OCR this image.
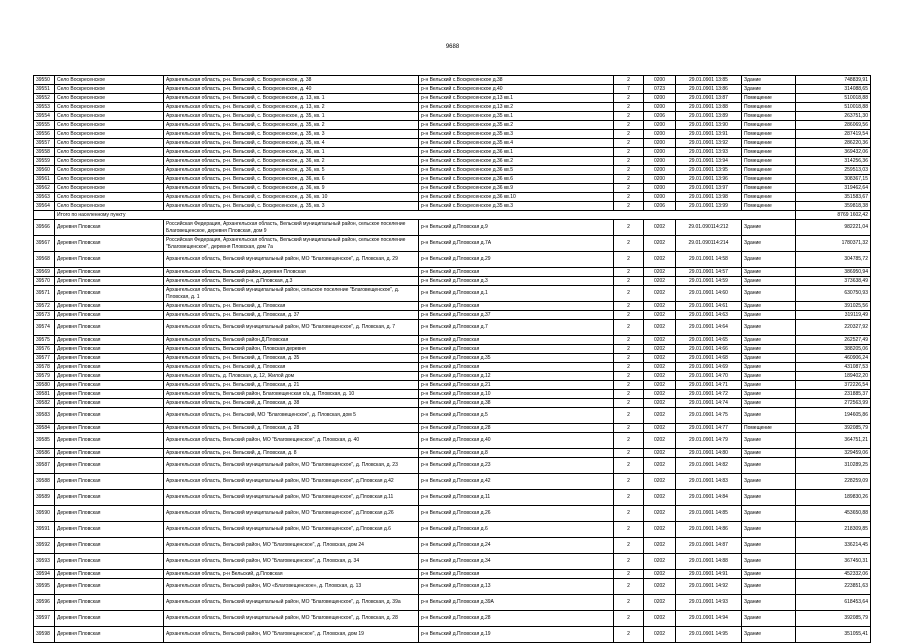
9688
39550	Село Воскресенское	Архангельская область, р-н. Вельский, с. Воскресенское, д. 38	р-н Вельский с.Воскресенское д.38	2	0200	29.01.0901 13:85	Здание	748839,91
39551	Село Воскресенское	Архангельская область, р-н. Вельский, с. Воскресенское, д. 40	р-н Вельский с.Воскресенское д.40	7	0723	29.01.0901 13:86	Здание	314088,65
39552	Село Воскресенское	Архангельская область, р-н. Вельский, с. Воскресенское, д. 13, кв. 1	р-н Вельский с.Воскресенское д.13 кв.1	2	0200	29.01.0901 13:87	Помещение	510018,88
39553	Село Воскресенское	Архангельская область, р-н. Вельский, с. Воскресенское, д. 13, кв. 2	р-н Вельский с.Воскресенское д.13 кв.2	2	0200	29.01.0901 13:88	Помещение	510018,88
39554	Село Воскресенское	Архангельская область, р-н. Вельский, с. Воскресенское, д. 35, кв. 1	р-н Вельский с.Воскресенское д.35 кв.1	2	0206	29.01.0901 13:89	Помещение	263751,30
39555	Село Воскресенское	Архангельская область, р-н. Вельский, с. Воскресенское, д. 35, кв. 2	р-н Вельский с.Воскресенское д.35 кв.2	2	0200	29.01.0901 13:90	Помещение	286069,56
39556	Село Воскресенское	Архангельская область, р-н. Вельский, с. Воскресенское, д. 35, кв. 3	р-н Вельский с.Воскресенское д.35 кв.3	2	0200	29.01.0901 13:91	Помещение	287419,54
39557	Село Воскресенское	Архангельская область, р-н. Вельский, с. Воскресенское, д. 35, кв. 4	р-н Вельский с.Воскресенское д.35 кв.4	2	0200	29.01.0901 13:92	Помещение	286220,36
39558	Село Воскресенское	Архангельская область, р-н. Вельский, с. Воскресенское, д. 36, кв. 1	р-н Вельский с.Воскресенское д.36 кв.1	2	0200	29.01.0901 13:93	Помещение	369432,06
39559	Село Воскресенское	Архангельская область, р-н. Вельский, с. Воскресенское, д. 36, кв. 2	р-н Вельский с.Воскресенское д.36 кв.2	2	0200	29.01.0901 13:94	Помещение	314256,36
39560	Село Воскресенское	Архангельская область, р-н. Вельский, с. Воскресенское, д. 36, кв. 5	р-н Вельский с.Воскресенское д.36 кв.5	2	0200	29.01.0901 13:95	Помещение	259513,03
39561	Село Воскресенское	Архангельская область, р-н. Вельский, с. Воскресенское, д. 36, кв. 6	р-н Вельский с.Воскресенское д.36 кв.6	2	0200	29.01.0901 13:96	Помещение	308367,15
39562	Село Воскресенское	Архангельская область, р-н. Вельский, с. Воскресенское, д. 36, кв. 9	р-н Вельский с.Воскресенское д.36 кв.9	2	0200	29.01.0901 13:97	Помещение	319462,64
39563	Село Воскресенское	Архангельская область, р-н. Вельский, с. Воскресенское, д. 36, кв. 10	р-н Вельский с.Воскресенское д.36 кв.10	2	0200	29.01.0901 13:98	Помещение	351583,67
39564	Село Воскресенское	Архангельская область, р-н. Вельский, с. Воскресенское, д. 35, кв. 3	р-н Вельский с.Воскресенское д.35 кв.3	2	0206	29.01.0901 13:99	Помещение	359818,38
	Итого по населенному пункту							8769 1602,42
39566	Деревня Пловская	Российская Федерация, Архангельская область, Вельский муниципальный район, сельское поселение Благовещенское, деревня Пловская, дом 9	р-н Вельский д.Пловская д.9	2	0202	29.01.090114:212	Здание	982221,04
39567	Деревня Пловская	Российская Федерация, Архангельская область, Вельский муниципальный район, сельское поселение "Благовещенское", деревня Пловская, дом 7а	р-н Вельский д.Пловская д.7А	2	0202	29.01.090114:214	Здание	1780371,32
39568	Деревня Пловская	Архангельская область, Вельский муниципальный район, МО "Благовещенское", д. Пловская, д. 29	р-н Вельский д.Пловская д.29	2	0202	29.01.0901 14:58	Здание	304785,72
39569	Деревня Пловская	Архангельская область, Вельский район, деревня Пловская	р-н Вельский д.Пловская	2	0202	29.01.0901 14:57	Здание	386950,94
39570	Деревня Пловская	Архангельская область, Вельский р-н, д.Пловская, д.3	р-н Вельский д.Пловская д.3	2	0202	29.01.0901 14:59	Здание	373638,49
39571	Деревня Пловская	Архангельская область, Вельский муниципальный район, сельское поселение "Благовещенское", д. Пловская, д. 1	р-н Вельский д.Пловская д.1	2	0202	29.01.0901 14:60	Здание	630750,93
39572	Деревня Пловская	Архангельская область, р-н. Вельский, д. Пловская	р-н Вельский д.Пловская	2	0202	29.01.0901 14:61	Здание	391025,56
39573	Деревня Пловская	Архангельская область, р-н. Вельский, д. Пловская, д. 37	р-н Вельский д.Пловская д.37	2	0202	29.01.0901 14:63	Здание	319119,49
39574	Деревня Пловская	Архангельская область, Вельский муниципальный район, МО "Благовещенское", д. Пловская, д. 7	р-н Вельский д.Пловская д.7	2	0202	29.01.0901 14:64	Здание	220327,92
39575	Деревня Пловская	Архангельская область, Вельский район,Д.Пловская	р-н Вельский д.Пловская	2	0202	29.01.0901 14:65	Здание	262527,49
39576	Деревня Пловская	Архангельская область, Вельский район, Пловская деревня	р-н Вельский д.Пловская	2	0202	29.01.0901 14:66	Здание	388205,06
39577	Деревня Пловская	Архангельская область, р-н. Вельский, д. Пловская, д. 35	р-н Вельский д.Пловская д.35	2	0202	29.01.0901 14:68	Здание	460906,24
39578	Деревня Пловская	Архангельская область, р-н. Вельский, д. Пловская	р-н Вельский д.Пловская	2	0202	29.01.0901 14:69	Здание	431087,53
39579	Деревня Пловская	Архангельская область, д. Пловская, д. 12, Жилой дом	р-н Вельский д.Пловская д.12	2	0202	29.01.0901 14:70	Здание	189402,20
39580	Деревня Пловская	Архангельская область, р-н. Вельский, д. Пловская, д. 21	р-н Вельский д.Пловская д.21	2	0202	29.01.0901 14:71	Здание	372226,54
39581	Деревня Пловская	Архангельская область, Вельский район, Благовещенская с/а, д. Пловская, д. 10	р-н Вельский д.Пловская д.10	2	0202	29.01.0901 14:72	Здание	231885,37
39582	Деревня Пловская	Архангельская область, р-н. Вельский, д. Пловская, д. 38	р-н Вельский д.Пловская д.38	2	0202	29.01.0901 14:74	Здание	272563,99
39583	Деревня Пловская	Архангельская область, р-н. Вельский, МО "Благовещенское", д. Пловская, дом 5	р-н Вельский д.Пловская д.5	2	0202	29.01.0901 14:75	Здание	194605,86
39584	Деревня Пловская	Архангельская область, р-н. Вельский, д. Пловская, д. 28	р-н Вельский д.Пловская д.28	2	0202	29.01.0901 14:77	Помещение	392085,79
39585	Деревня Пловская	Архангельская область, Вельский район, МО "Благовещенское", д. Пловская, д. 40	р-н Вельский д.Пловская д.40	2	0202	29.01.0901 14:79	Здание	364751,21
39586	Деревня Пловская	Архангельская область, р-н. Вельский, д. Пловская, д. 8	р-н Вельский д.Пловская д.8	2	0202	29.01.0901 14:80	Здание	329459,06
39587	Деревня Пловская	Архангельская область, Вельский муниципальный район, МО "Благовещенское", д. Пловская, д. 23	р-н Вельский д.Пловская д.23	2	0202	29.01.0901 14:82	Здание	310289,25
39588	Деревня Пловская	Архангельская область, Вельский муниципальный район, МО "Благовещенское", д.Пловская д.42	р-н Вельский д.Пловская д.42	2	0202	29.01.0901 14:83	Здание	228259,09
39589	Деревня Пловская	Архангельская область, Вельский муниципальный район, МО "Благовещенское", д.Пловская д.11	р-н Вельский д.Пловская д.11	2	0202	29.01.0901 14:84	Здание	189830,26
39590	Деревня Пловская	Архангельская область, Вельский муниципальный район, МО "Благовещенское", д.Пловская д.26	р-н Вельский д.Пловская д.26	2	0202	29.01.0901 14:85	Здание	453650,88
39591	Деревня Пловская	Архангельская область, Вельский муниципальный район, МО "Благовещенское", д.Пловская д.6	р-н Вельский д.Пловская д.6	2	0202	29.01.0901 14:86	Здание	218309,85
39592	Деревня Пловская	Архангельская область, Вельский район, МО "Благовещенское", д. Пловская, дом 24	р-н Вельский д.Пловская д.24	2	0202	29.01.0901 14:87	Здание	336214,45
39593	Деревня Пловская	Архангельская область, Вельский район, МО "Благовещенское", д. Пловская, д. 34	р-н Вельский д.Пловская д.34	2	0202	29.01.0901 14:88	Здание	367450,31
39594	Деревня Пловская	Архангельская область, р-н Вельский, д.Пловская	р-н Вельский д.Пловская	2	0202	29.01.0901 14:91	Здание	452332,06
39595	Деревня Пловская	Архангельская область, Вельский район, МО «Благовещенское», д. Пловская, д. 13	р-н Вельский д.Пловская д.13	2	0202	29.01.0901 14:92	Здание	223851,63
39596	Деревня Пловская	Архангельская область, Вельский муниципальный район, МО "Благовещенское", д. Пловская, д. 39а	р-н Вельский д.Пловская д.39А	2	0202	29.01.0901 14:93	Здание	618453,64
39597	Деревня Пловская	Архангельская область, Вельский муниципальный район, МО "Благовещенское", д. Пловская, д. 28	р-н Вельский д.Пловская д.28	2	0202	29.01.0901 14:94	Здание	392085,79
39598	Деревня Пловская	Архангельская область, Вельский район, МО "Благовещенское", д. Пловская, дом 19	р-н Вельский д.Пловская д.19	2	0202	29.01.0901 14:95	Здание	351055,41
